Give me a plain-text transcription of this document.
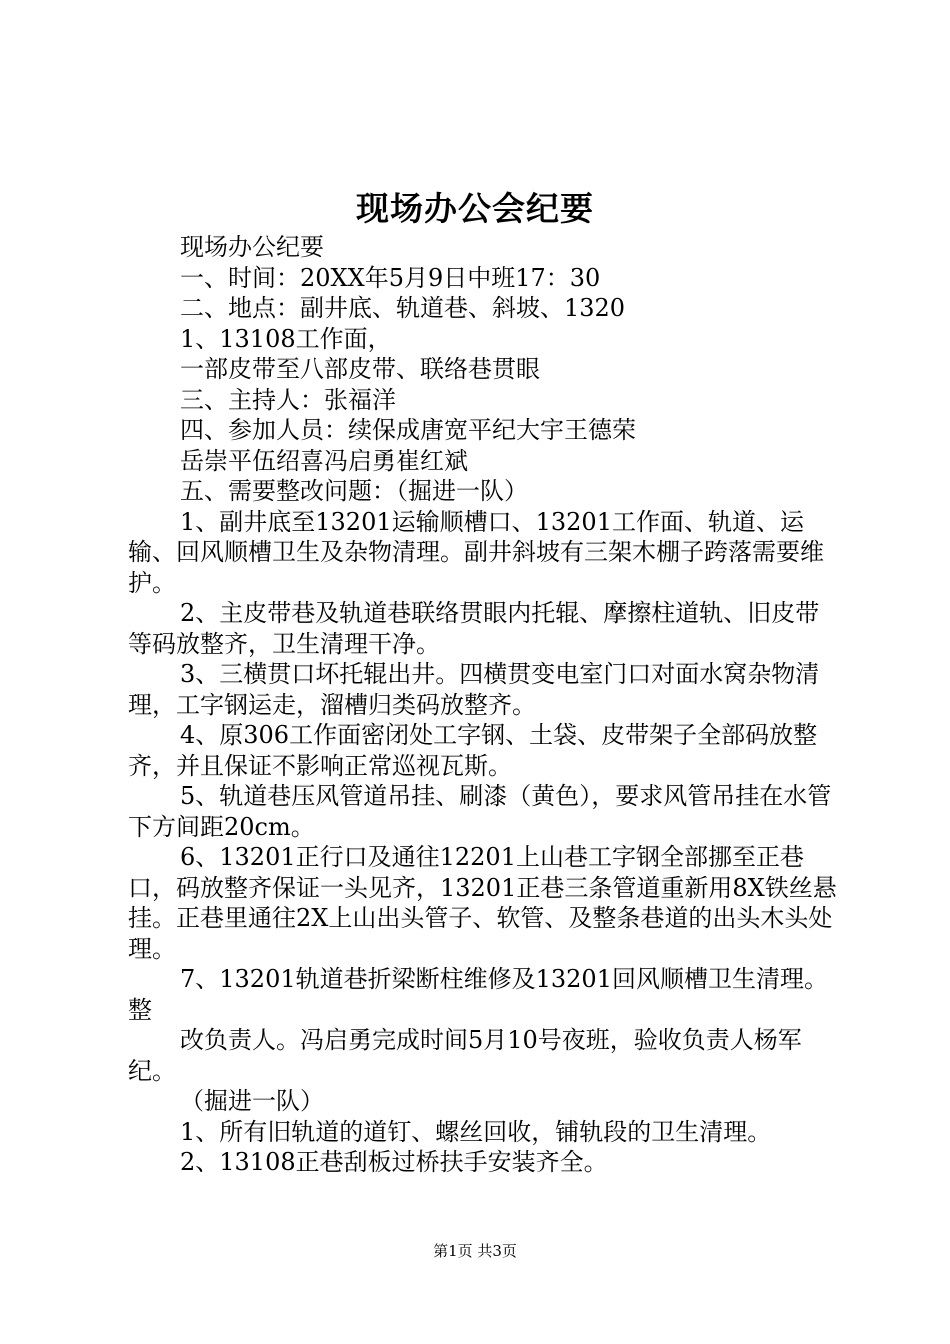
现场办公会纪要

现场办公纪要

一、时间：20XX年5月9日中班17：30

二、地点：副井底、轨道巷、斜坡、1320

1、13108工作面，

一部皮带至八部皮带、联络巷贯眼

三、主持人：张福洋

四、参加人员：续保成唐宽平纪大宇王德荣

岳崇平伍绍喜冯启勇崔红斌

五、需要整改问题：（掘进一队）

1、副井底至13201运输顺槽口、13201工作面、轨道、运输、回风顺槽卫生及杂物清理。副井斜坡有三架木棚子跨落需要维护。

2、主皮带巷及轨道巷联络贯眼内托辊、摩擦柱道轨、旧皮带等码放整齐，卫生清理干净。

3、三横贯口坏托辊出井。四横贯变电室门口对面水窝杂物清理，工字钢运走，溜槽归类码放整齐。

4、原306工作面密闭处工字钢、土袋、皮带架子全部码放整齐，并且保证不影响正常巡视瓦斯。

5、轨道巷压风管道吊挂、刷漆（黄色），要求风管吊挂在水管下方间距20cm。

6、13201正行口及通往12201上山巷工字钢全部挪至正巷口，码放整齐保证一头见齐，13201正巷三条管道重新用8X铁丝悬挂。正巷里通往2X上山出头管子、软管、及整条巷道的出头木头处理。

7、13201轨道巷折梁断柱维修及13201回风顺槽卫生清理。整

改负责人。冯启勇完成时间5月10号夜班，验收负责人杨军纪。

（掘进一队）

1、所有旧轨道的道钉、螺丝回收，铺轨段的卫生清理。

2、13108正巷刮板过桥扶手安装齐全。

第1页 共3页
